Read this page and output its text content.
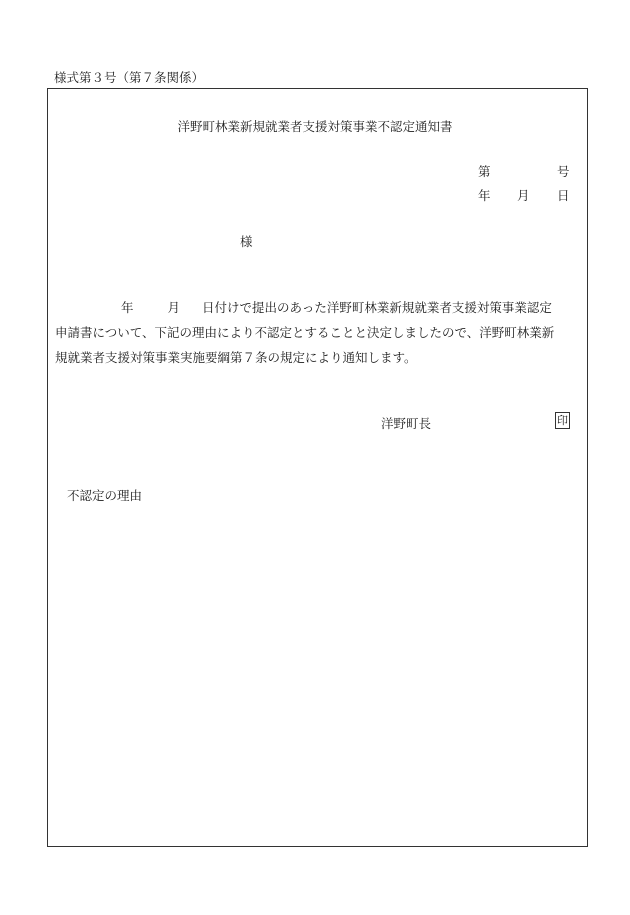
様式第３号（第７条関係）
洋野町林業新規就業者支援対策事業不認定通知書
第	号
年 月 日
様
年	月 日付けで提出のあった洋野町林業新規就業者支援対策事業認定
申請書について、下記の理由により不認定とすることと決定しましたので、洋野町林業新
規就業者支援対策事業実施要綱第７条の規定により通知します。
洋野町長	印
不認定の理由
